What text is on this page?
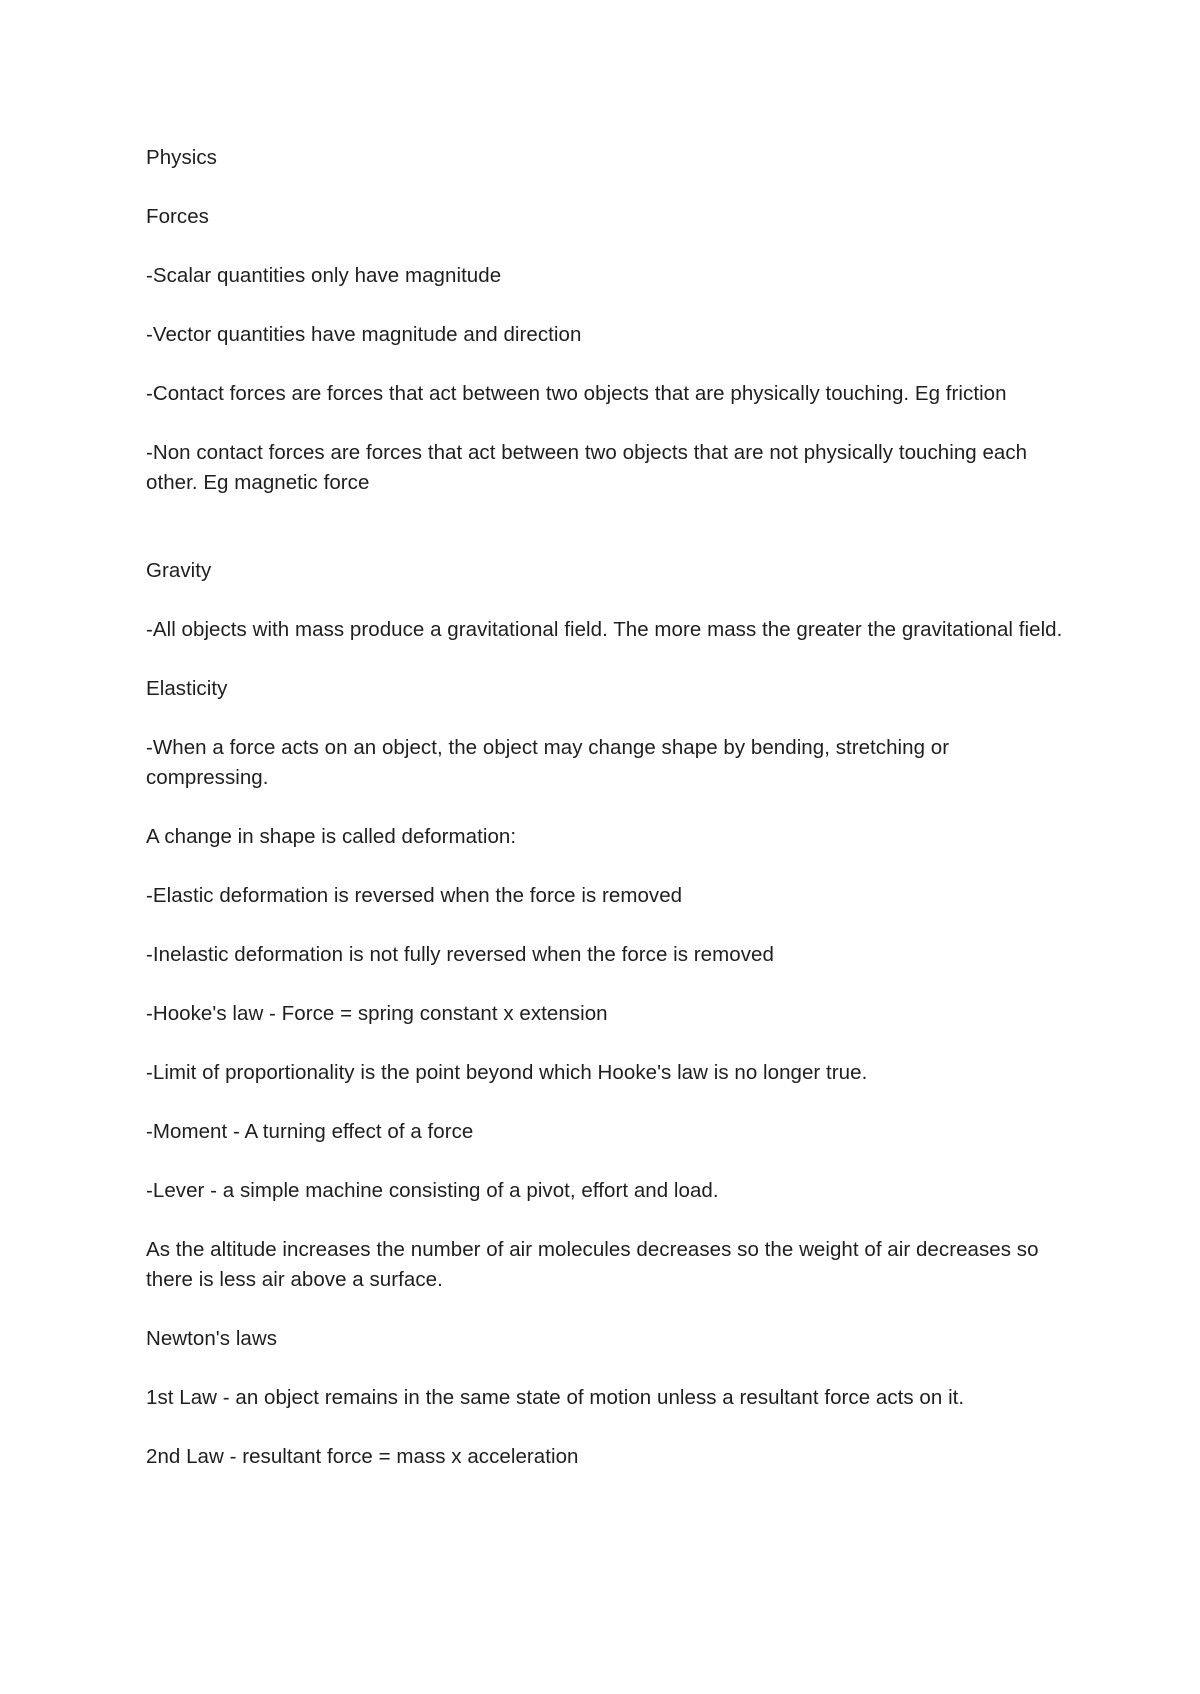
Physics

Forces

-Scalar quantities only have magnitude

-Vector quantities have magnitude and direction

-Contact forces are forces that act between two objects that are physically touching. Eg friction

-Non contact forces are forces that act between two objects that are not physically touching each other. Eg magnetic force

Gravity

-All objects with mass produce a gravitational field. The more mass the greater the gravitational field.

Elasticity

-When a force acts on an object, the object may change shape by bending, stretching or compressing.

A change in shape is called deformation:

-Elastic deformation is reversed when the force is removed

-Inelastic deformation is not fully reversed when the force is removed

-Hooke's law - Force = spring constant x extension

-Limit of proportionality is the point beyond which Hooke's law is no longer true.

-Moment - A turning effect of a force

-Lever - a simple machine consisting of a pivot, effort and load.

As the altitude increases the number of air molecules decreases so the weight of air decreases so there is less air above a surface.

Newton's laws

1st Law - an object remains in the same state of motion unless a resultant force acts on it.

2nd Law - resultant force = mass x acceleration
